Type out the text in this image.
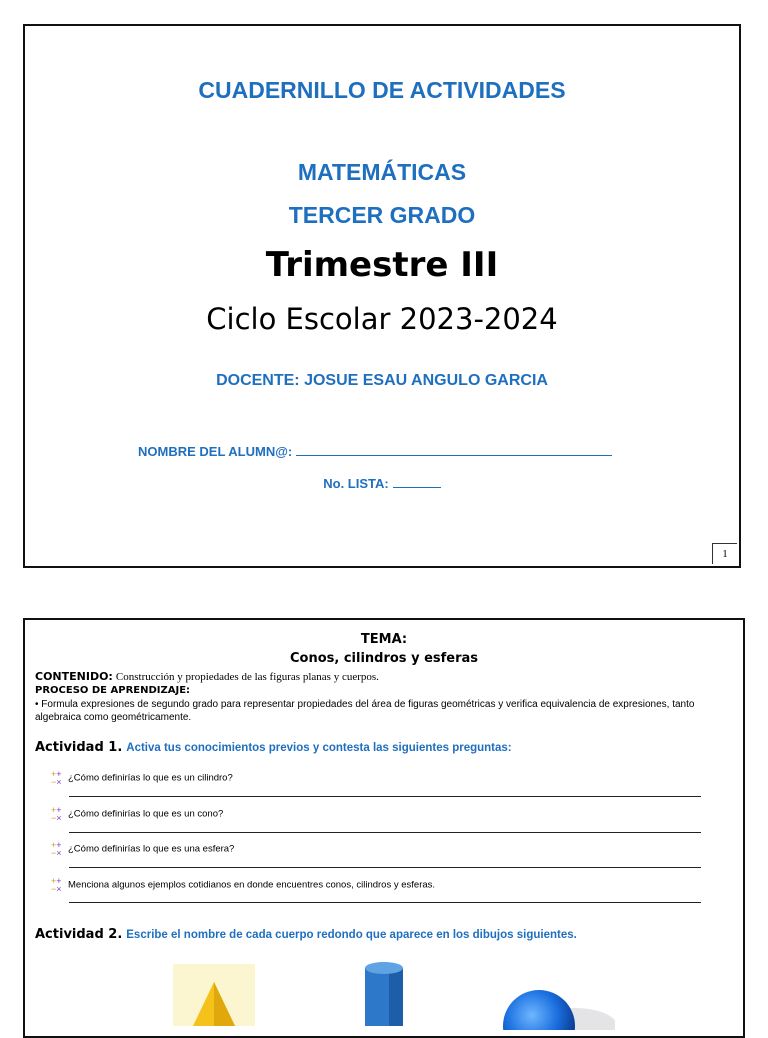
CUADERNILLO DE ACTIVIDADES
MATEMÁTICAS
TERCER GRADO
Trimestre III
Ciclo Escolar 2023-2024
DOCENTE: JOSUE ESAU ANGULO GARCIA
NOMBRE DEL ALUMN@:
No. LISTA:
1
TEMA:
Conos, cilindros y esferas
CONTENIDO: Construcción y propiedades de las figuras planas y cuerpos.
PROCESO DE APRENDIZAJE:
• Formula expresiones de segundo grado para representar propiedades del área de figuras geométricas y verifica equivalencia de expresiones, tanto algebraica como geométricamente.
Actividad 1. Activa tus conocimientos previos y contesta las siguientes preguntas:
++
−× ¿Cómo definirías lo que es un cilindro?
++
−× ¿Cómo definirías lo que es un cono?
++
−× ¿Cómo definirías lo que es una esfera?
++
−× Menciona algunos ejemplos cotidianos en donde encuentres conos, cilindros y esferas.
Actividad 2. Escribe el nombre de cada cuerpo redondo que aparece en los dibujos siguientes.
